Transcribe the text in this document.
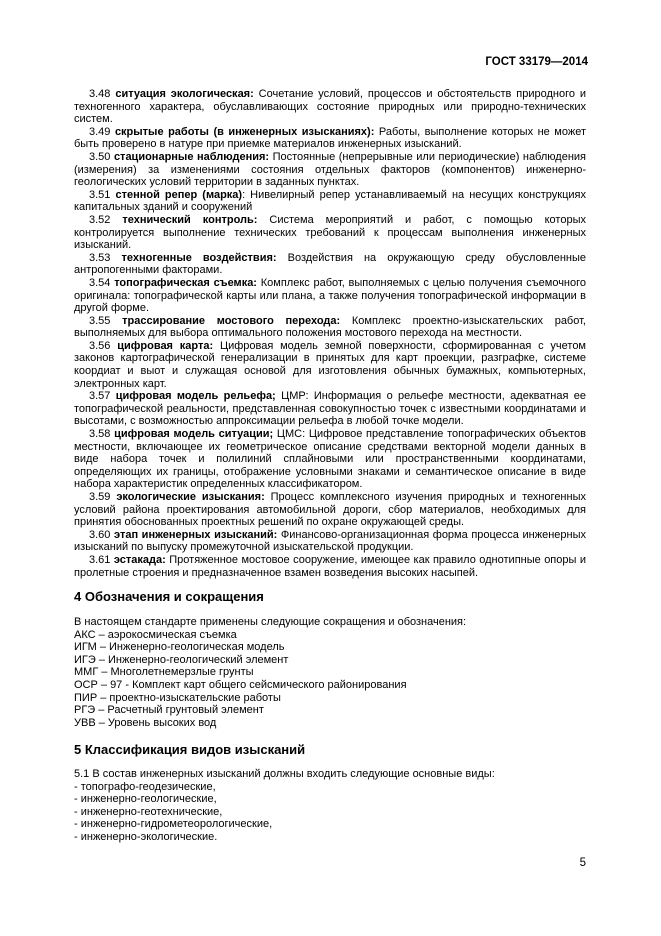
ГОСТ 33179—2014

3.48 ситуация экологическая: Сочетание условий, процессов и обстоятельств природного и техногенного характера, обуславливающих состояние природных или природно-технических систем.

3.49 скрытые работы (в инженерных изысканиях): Работы, выполнение которых не может быть проверено в натуре при приемке материалов инженерных изысканий.

3.50 стационарные наблюдения: Постоянные (непрерывные или периодические) наблюдения (измерения) за изменениями состояния отдельных факторов (компонентов) инженерно-геологических условий территории в заданных пунктах.

3.51 стенной репер (марка): Нивелирный репер устанавливаемый на несущих конструкциях капитальных зданий и сооружений

3.52 технический контроль: Система мероприятий и работ, с помощью которых контролируется выполнение технических требований к процессам выполнения инженерных изысканий.

3.53 техногенные воздействия: Воздействия на окружающую среду обусловленные антропогенными факторами.

3.54 топографическая съемка: Комплекс работ, выполняемых с целью получения съемочного оригинала: топографической карты или плана, а также получения топографической информации в другой форме.

3.55 трассирование мостового перехода: Комплекс проектно-изыскательских работ, выполняемых для выбора оптимального положения мостового перехода на местности.

3.56 цифровая карта: Цифровая модель земной поверхности, сформированная с учетом законов картографической генерализации в принятых для карт проекции, разграфке, системе коордиат и выот и служащая основой для изготовления обычных бумажных, компьютерных, электронных карт.

3.57 цифровая модель рельефа; ЦМР: Информация о рельефе местности, адекватная ее топографической реальности, представленная совокупностью точек с известными координатами и высотами, с возможностью аппроксимации рельефа в любой точке модели.

3.58 цифровая модель ситуации; ЦМС: Цифровое представление топографических объектов местности, включающее их геометрическое описание средствами векторной модели данных в виде набора точек и полилиний сплайновыми или пространственными координатами, определяющих их границы, отображение условными знаками и семантическое описание в виде набора характеристик определенных классификатором.

3.59 экологические изыскания: Процесс комплексного изучения природных и техногенных условий района проектирования автомобильной дороги, сбор материалов, необходимых для принятия обоснованных проектных решений по охране окружающей среды.

3.60 этап инженерных изысканий: Финансово-организационная форма процесса инженерных изысканий по выпуску промежуточной изыскательской продукции.

3.61 эстакада: Протяженное мостовое сооружение, имеющее как правило однотипные опоры и пролетные строения и предназначенное взамен возведения высоких насыпей.

4 Обозначения и сокращения

В настоящем стандарте применены следующие сокращения и обозначения:

АКС – аэрокосмическая съемка

ИГМ – Инженерно-геологическая модель

ИГЭ – Инженерно-геологический элемент

ММГ – Многолетнемерзлые грунты

ОСР – 97 - Комплект карт общего сейсмического районирования

ПИР – проектно-изыскательские работы

РГЭ – Расчетный грунтовый элемент

УВВ – Уровень высоких вод

5 Классификация видов изысканий

5.1 В состав инженерных изысканий должны входить следующие основные виды:

- топографо-геодезические,

- инженерно-геологические,

- инженерно-геотехнические,

- инженерно-гидрометеорологические,

- инженерно-экологические.

5
